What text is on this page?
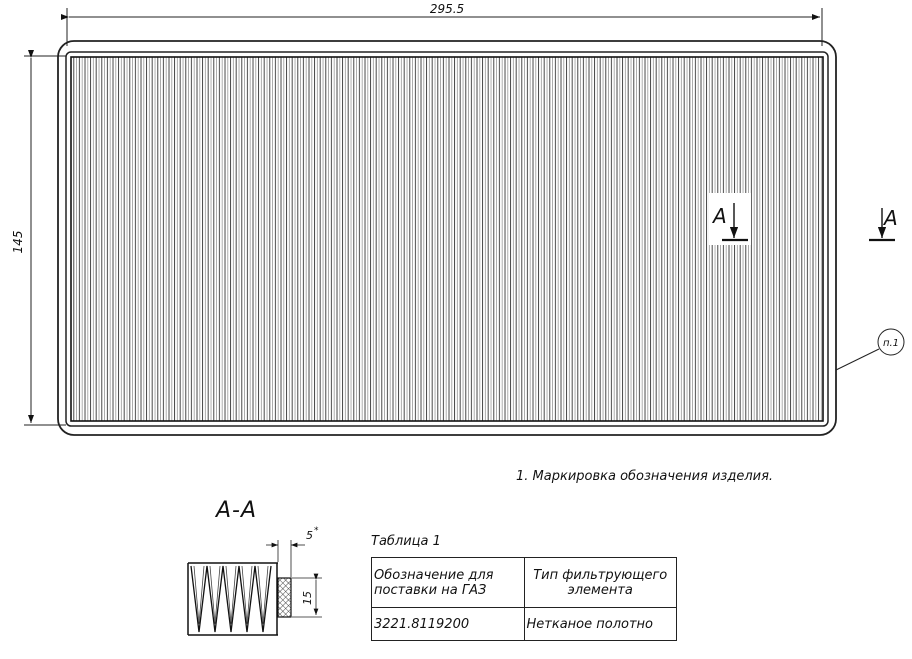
295.5
145
A	A
п.1
5 *
15
А-А
1. Маркировка обозначения изделия.
Таблица 1
Обозначение для поставки на ГАЗ	Тип фильтрующего элемента
3221.8119200	Нетканое полотно
